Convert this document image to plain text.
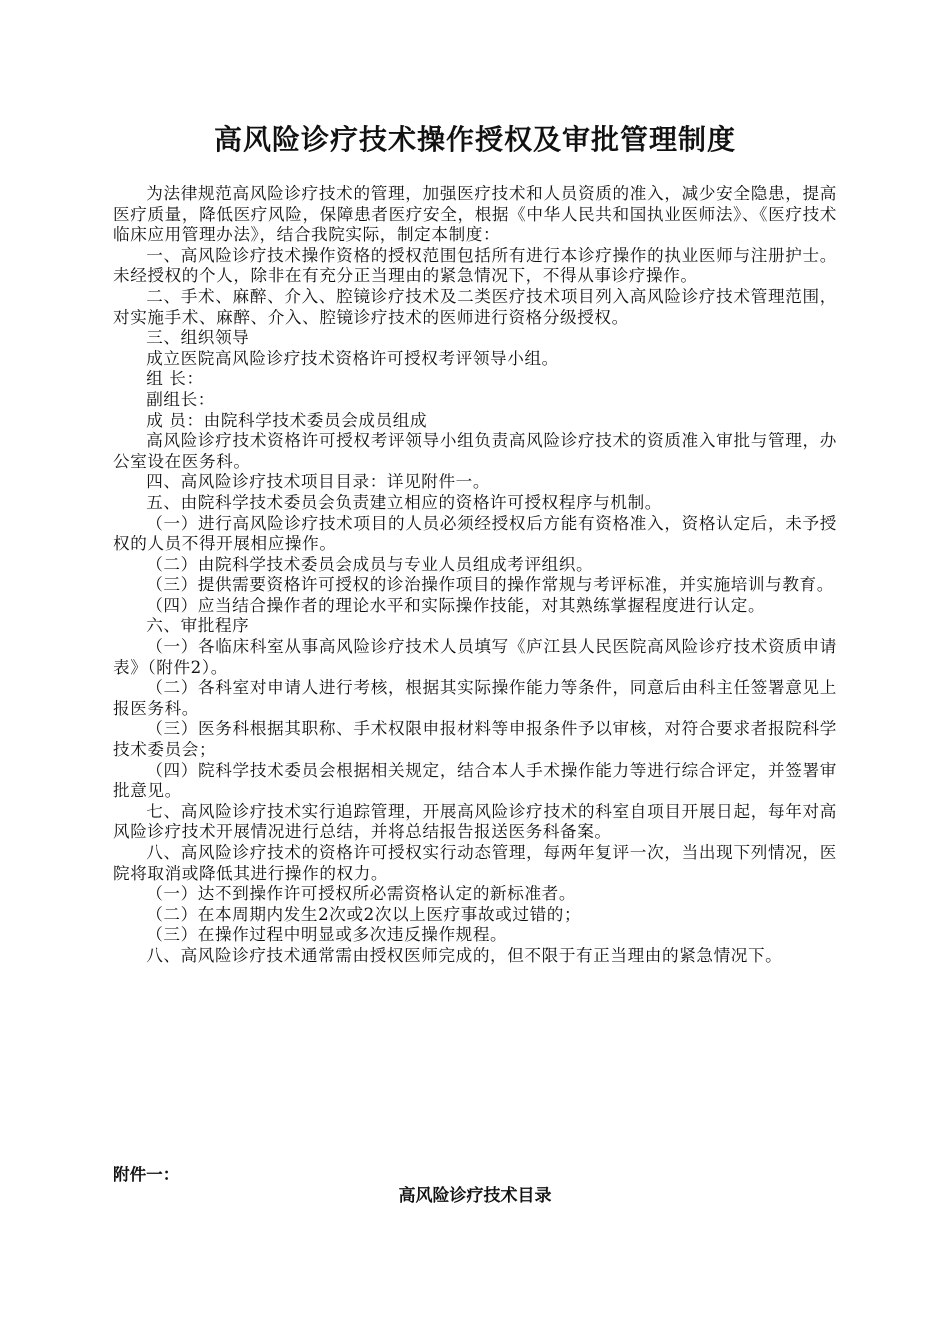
高风险诊疗技术操作授权及审批管理制度

为法律规范高风险诊疗技术的管理，加强医疗技术和人员资质的准入，减少安全隐患，提高医疗质量，降低医疗风险，保障患者医疗安全，根据《中华人民共和国执业医师法》、《医疗技术临床应用管理办法》，结合我院实际，制定本制度：

一、高风险诊疗技术操作资格的授权范围包括所有进行本诊疗操作的执业医师与注册护士。未经授权的个人，除非在有充分正当理由的紧急情况下，不得从事诊疗操作。

二、手术、麻醉、介入、腔镜诊疗技术及二类医疗技术项目列入高风险诊疗技术管理范围，对实施手术、麻醉、介入、腔镜诊疗技术的医师进行资格分级授权。

三、组织领导

成立医院高风险诊疗技术资格许可授权考评领导小组。

组 长：

副组长：

成 员：由院科学技术委员会成员组成

高风险诊疗技术资格许可授权考评领导小组负责高风险诊疗技术的资质准入审批与管理，办公室设在医务科。

四、高风险诊疗技术项目目录：详见附件一。

五、由院科学技术委员会负责建立相应的资格许可授权程序与机制。

（一）进行高风险诊疗技术项目的人员必须经授权后方能有资格准入，资格认定后，未予授权的人员不得开展相应操作。

（二）由院科学技术委员会成员与专业人员组成考评组织。

（三）提供需要资格许可授权的诊治操作项目的操作常规与考评标准，并实施培训与教育。

（四）应当结合操作者的理论水平和实际操作技能，对其熟练掌握程度进行认定。

六、审批程序

（一）各临床科室从事高风险诊疗技术人员填写《庐江县人民医院高风险诊疗技术资质申请表》（附件2）。

（二）各科室对申请人进行考核，根据其实际操作能力等条件，同意后由科主任签署意见上报医务科。

（三）医务科根据其职称、手术权限申报材料等申报条件予以审核，对符合要求者报院科学技术委员会；

（四）院科学技术委员会根据相关规定，结合本人手术操作能力等进行综合评定，并签署审批意见。

七、高风险诊疗技术实行追踪管理，开展高风险诊疗技术的科室自项目开展日起，每年对高风险诊疗技术开展情况进行总结，并将总结报告报送医务科备案。

八、高风险诊疗技术的资格许可授权实行动态管理，每两年复评一次，当出现下列情况，医院将取消或降低其进行操作的权力。

（一）达不到操作许可授权所必需资格认定的新标准者。

（二）在本周期内发生2次或2次以上医疗事故或过错的；

（三）在操作过程中明显或多次违反操作规程。

八、高风险诊疗技术通常需由授权医师完成的，但不限于有正当理由的紧急情况下。

附件一：
高风险诊疗技术目录
